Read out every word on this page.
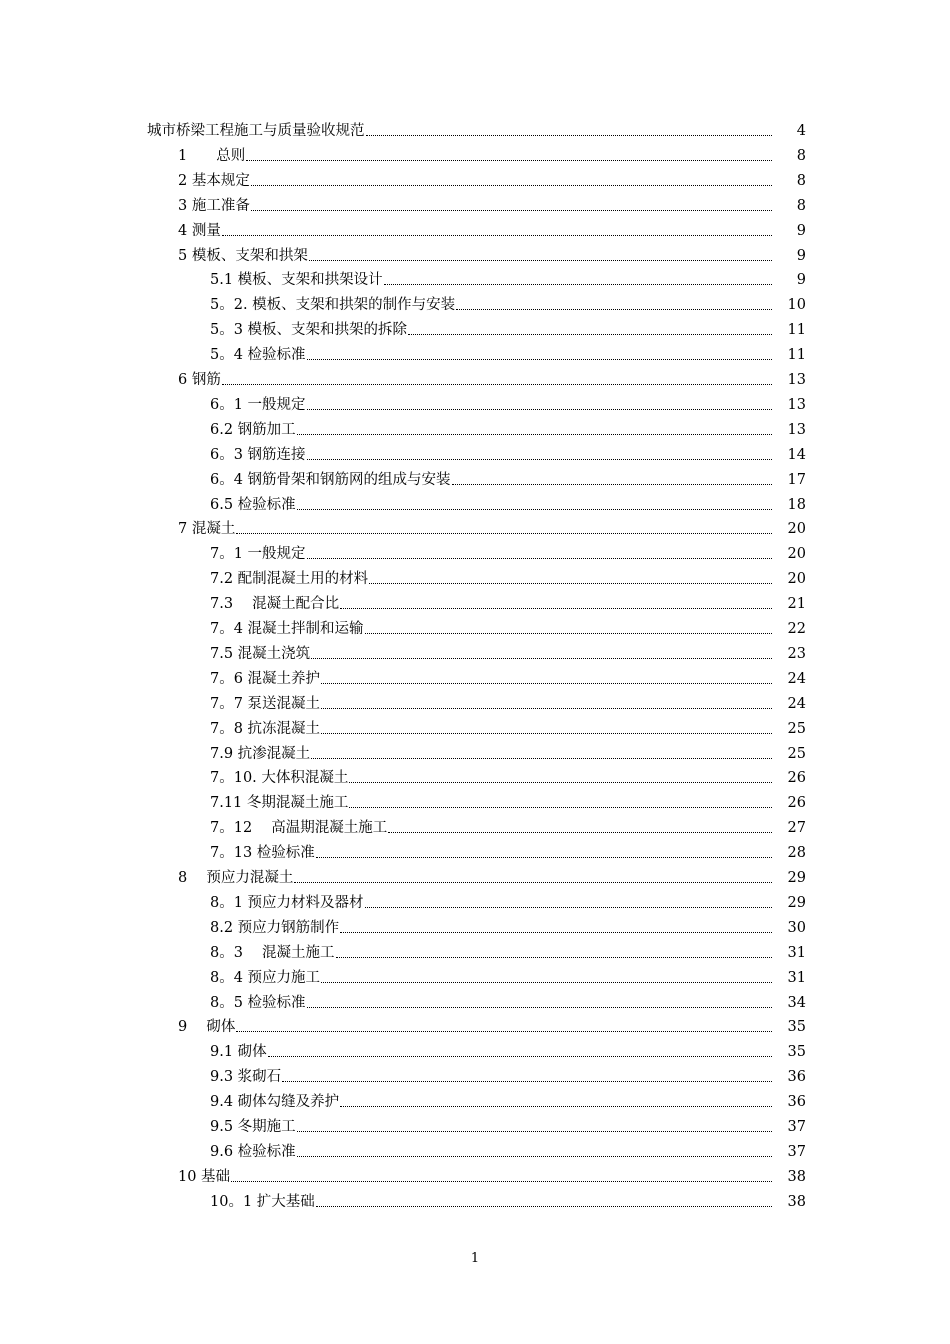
城市桥梁工程施工与质量验收规范	4
1　　总则	8
2 基本规定	8
3 施工准备	8
4 测量	9
5 模板、支架和拱架	9
5.1 模板、支架和拱架设计	9
5。2. 模板、支架和拱架的制作与安装	10
5。3 模板、支架和拱架的拆除	11
5。4 检验标准	11
6 钢筋	13
6。1 一般规定	13
6.2 钢筋加工	13
6。3 钢筋连接	14
6。4 钢筋骨架和钢筋网的组成与安装	17
6.5 检验标准	18
7 混凝土	20
7。1 一般规定	20
7.2 配制混凝土用的材料	20
7.3　 混凝土配合比	21
7。4 混凝土拌制和运输	22
7.5 混凝土浇筑	23
7。6 混凝土养护	24
7。7 泵送混凝土	24
7。8 抗冻混凝土	25
7.9 抗渗混凝土	25
7。10. 大体积混凝土	26
7.11 冬期混凝土施工	26
7。12　 高温期混凝土施工	27
7。13 检验标准	28
8　 预应力混凝土	29
8。1 预应力材料及器材	29
8.2 预应力钢筋制作	30
8。3　 混凝土施工	31
8。4 预应力施工	31
8。5 检验标准	34
9　 砌体	35
9.1 砌体	35
9.3 浆砌石	36
9.4 砌体勾缝及养护	36
9.5 冬期施工	37
9.6 检验标准	37
10 基础	38
10。1 扩大基础	38
1
